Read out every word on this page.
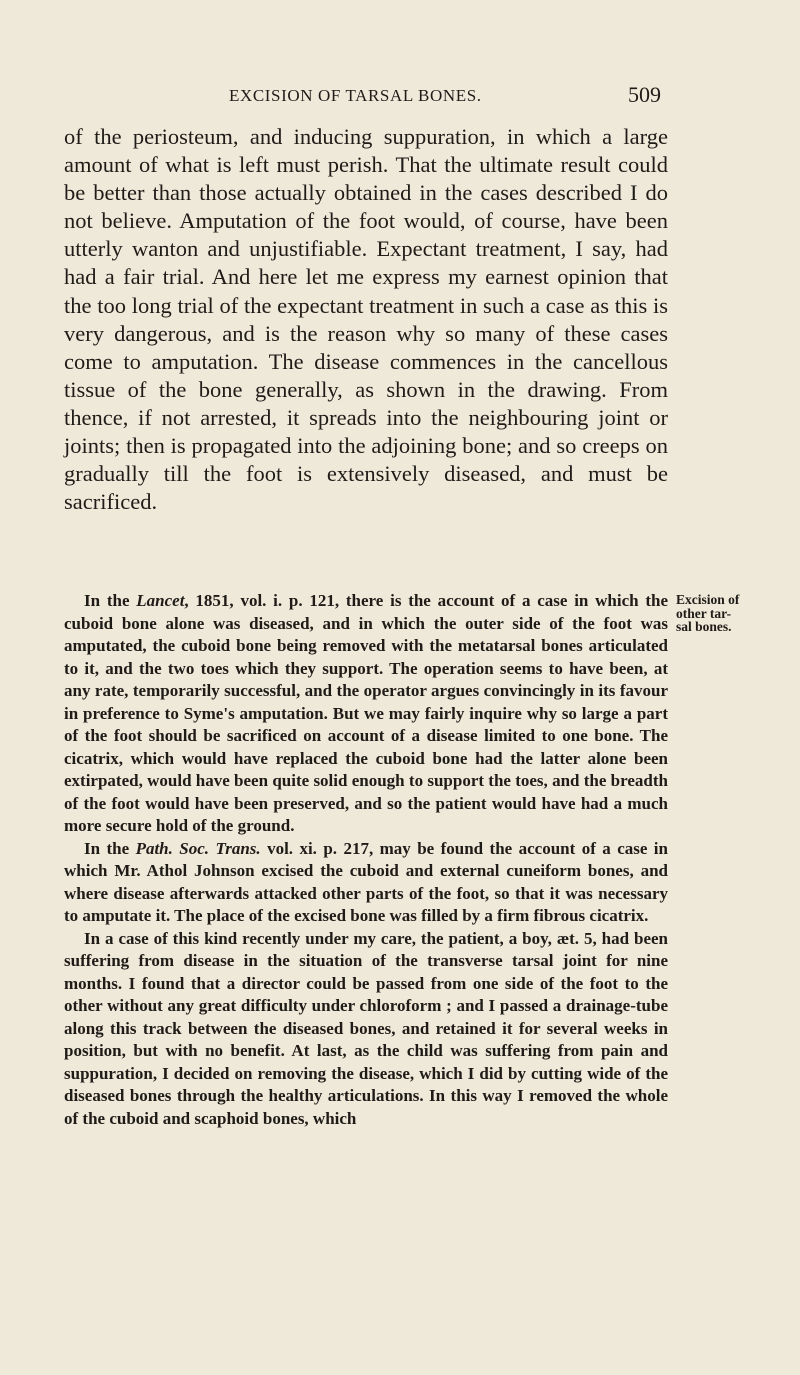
EXCISION OF TARSAL BONES.	509

of the periosteum, and inducing suppuration, in which a large amount of what is left must perish. That the ultimate result could be better than those actually obtained in the cases described I do not believe. Amputation of the foot would, of course, have been utterly wanton and unjustifiable. Expectant treatment, I say, had had a fair trial. And here let me express my earnest opinion that the too long trial of the expectant treatment in such a case as this is very dangerous, and is the reason why so many of these cases come to amputation. The disease commences in the cancellous tissue of the bone generally, as shown in the drawing. From thence, if not arrested, it spreads into the neighbouring joint or joints; then is propagated into the adjoining bone; and so creeps on gradually till the foot is extensively diseased, and must be sacrificed.

Excision of
other tar-
sal bones.

In the Lancet, 1851, vol. i. p. 121, there is the account of a case in which the cuboid bone alone was diseased, and in which the outer side of the foot was amputated, the cuboid bone being removed with the metatarsal bones articulated to it, and the two toes which they support. The operation seems to have been, at any rate, temporarily successful, and the operator argues convincingly in its favour in preference to Syme's amputation. But we may fairly inquire why so large a part of the foot should be sacrificed on account of a disease limited to one bone. The cicatrix, which would have replaced the cuboid bone had the latter alone been extirpated, would have been quite solid enough to support the toes, and the breadth of the foot would have been preserved, and so the patient would have had a much more secure hold of the ground.

In the Path. Soc. Trans. vol. xi. p. 217, may be found the account of a case in which Mr. Athol Johnson excised the cuboid and external cuneiform bones, and where disease afterwards attacked other parts of the foot, so that it was necessary to amputate it. The place of the excised bone was filled by a firm fibrous cicatrix.

In a case of this kind recently under my care, the patient, a boy, æt. 5, had been suffering from disease in the situation of the transverse tarsal joint for nine months. I found that a director could be passed from one side of the foot to the other without any great difficulty under chloroform ; and I passed a drainage-tube along this track between the diseased bones, and retained it for several weeks in position, but with no benefit. At last, as the child was suffering from pain and suppuration, I decided on removing the disease, which I did by cutting wide of the diseased bones through the healthy articulations. In this way I removed the whole of the cuboid and scaphoid bones, which
